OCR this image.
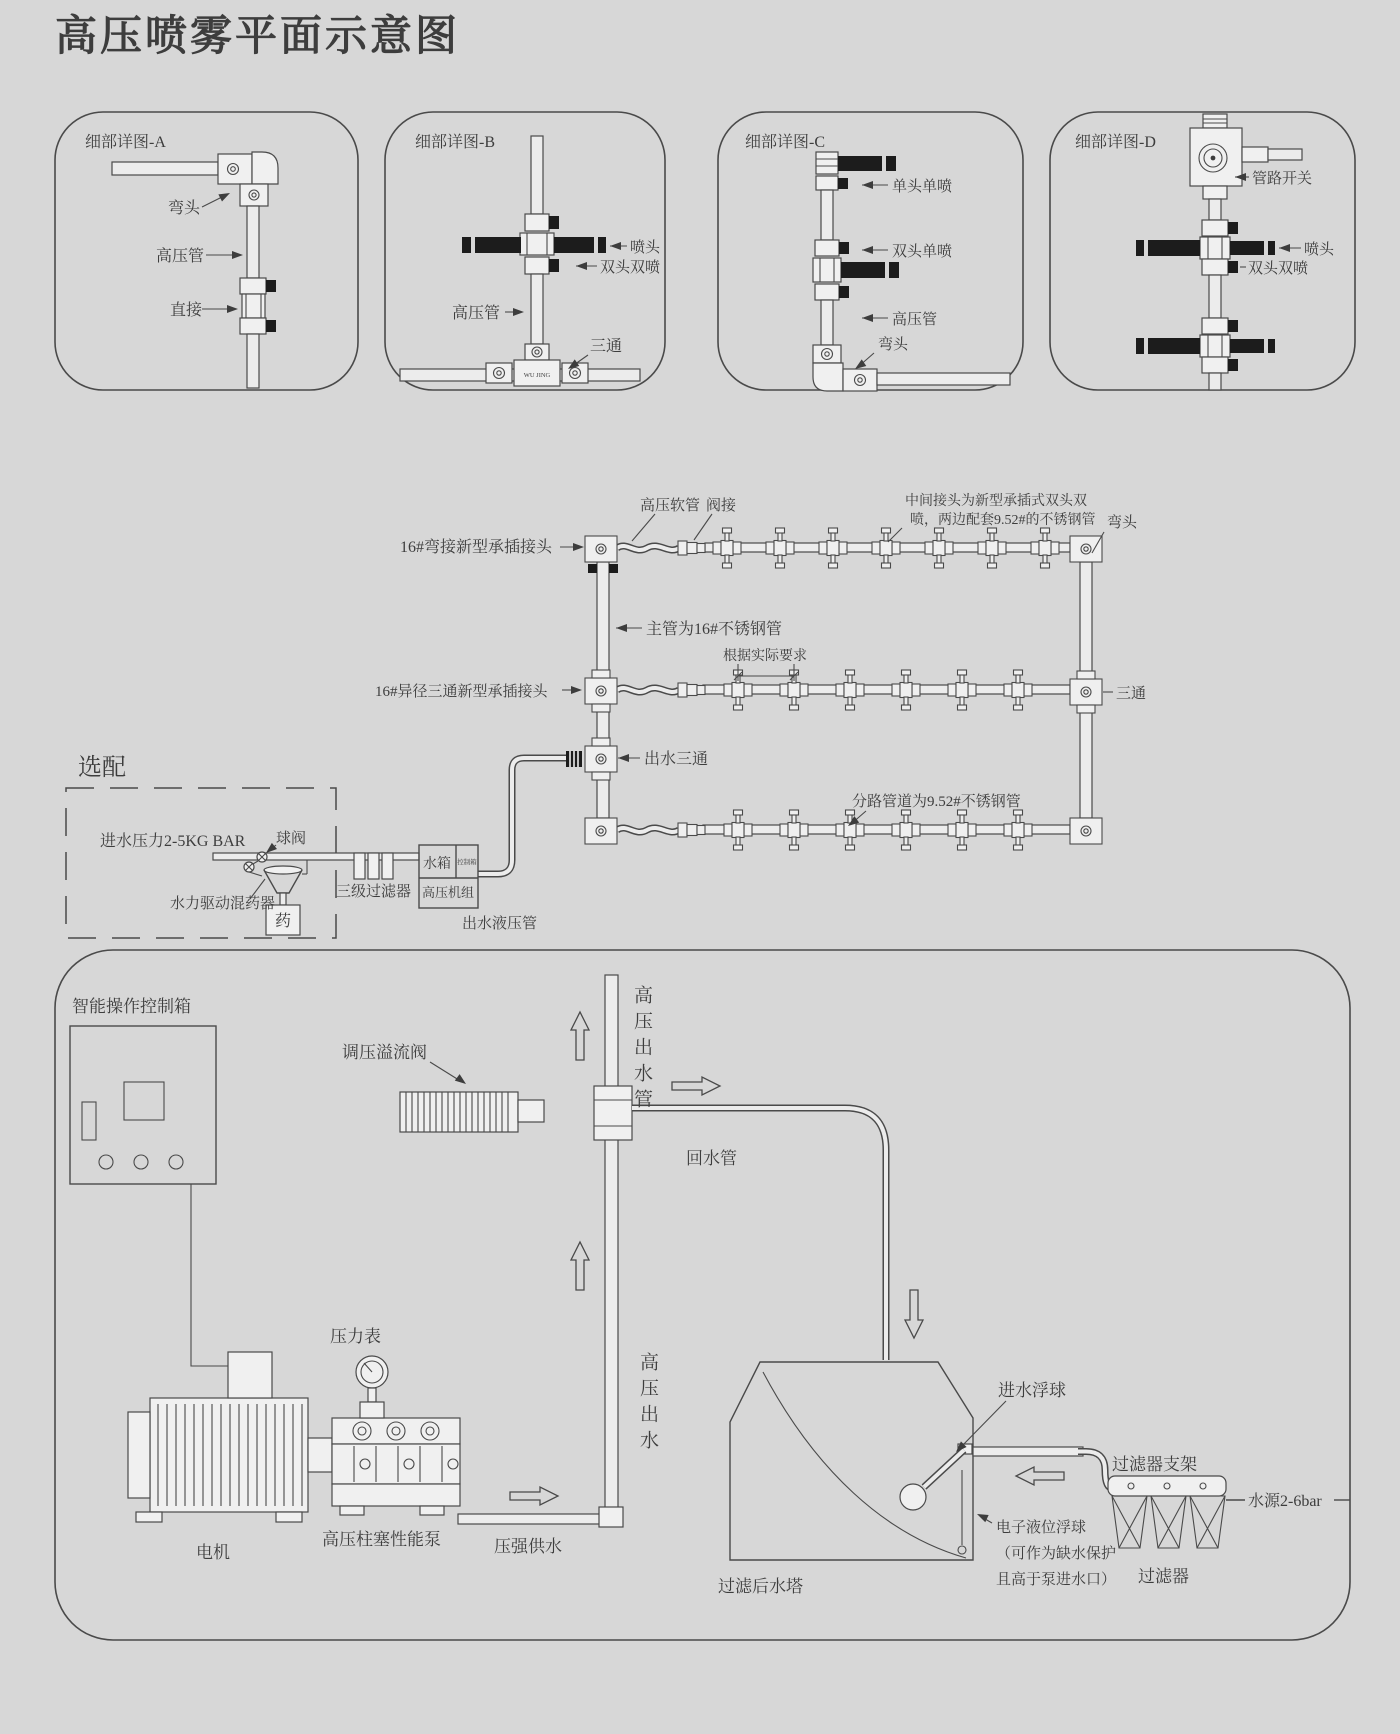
高压喷雾平面示意图
细部详图-A
弯头
高压管
直接
细部详图-B
WU JING
喷头
双头双喷
高压管
三通
细部详图-C
单头单喷
双头单喷
高压管
弯头
细部详图-D
管路开关
喷头
双头双喷
16#弯接新型承插接头
高压软管 阀接	中间接头为新型承插式双头双
喷，两边配套9.52#的不锈钢管 弯头
主管为16#不锈钢管
16#异径三通新型承插接头
根据实际要求
三通
出水三通
分路管道为9.52#不锈钢管
选配
进水压力2-5KG BAR 球阀
药
水力驱动混药器
三级过滤器
水箱 控制箱
高压机组
出水液压管
智能操作控制箱
调压溢流阀
回水管
过滤后水塔
进水浮球
过滤器支架
水源2-6bar
过滤器
电子液位浮球
（可作为缺水保护
且高于泵进水口）
电机
高压柱塞性能泵	压强供水
压力表
高压出水管
高压出水
